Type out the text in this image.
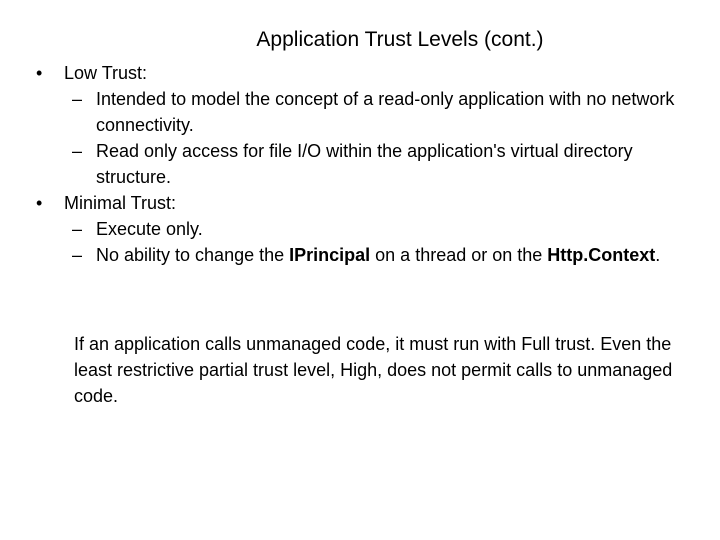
Application Trust Levels (cont.)
• Low Trust:
– Intended to model the concept of a read-only application with no network connectivity.
– Read only access for file I/O within the application's virtual directory structure.
• Minimal Trust:
– Execute only.
– No ability to change the IPrincipal on a thread or on the Http.Context.
If an application calls unmanaged code, it must run with Full trust. Even the least restrictive partial trust level, High, does not permit calls to unmanaged code.
